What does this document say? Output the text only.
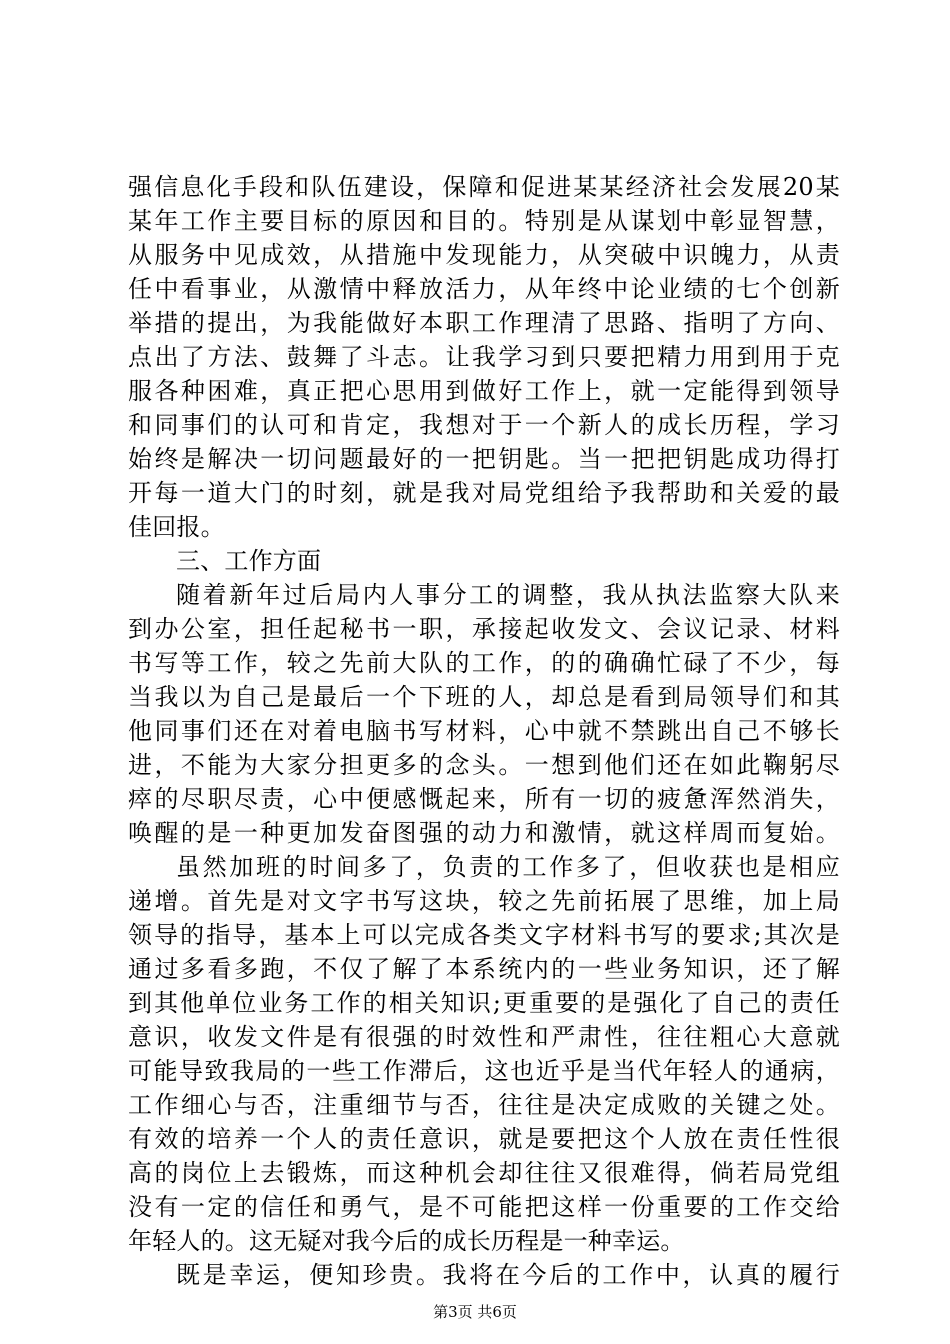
强信息化手段和队伍建设，保障和促进某某经济社会发展20某
某年工作主要目标的原因和目的。特别是从谋划中彰显智慧，
从服务中见成效，从措施中发现能力，从突破中识魄力，从责
任中看事业，从激情中释放活力，从年终中论业绩的七个创新
举措的提出，为我能做好本职工作理清了思路、指明了方向、
点出了方法、鼓舞了斗志。让我学习到只要把精力用到用于克
服各种困难，真正把心思用到做好工作上，就一定能得到领导
和同事们的认可和肯定，我想对于一个新人的成长历程，学习
始终是解决一切问题最好的一把钥匙。当一把把钥匙成功得打
开每一道大门的时刻，就是我对局党组给予我帮助和关爱的最
佳回报。
三、工作方面
随着新年过后局内人事分工的调整，我从执法监察大队来
到办公室，担任起秘书一职，承接起收发文、会议记录、材料
书写等工作，较之先前大队的工作，的的确确忙碌了不少，每
当我以为自己是最后一个下班的人，却总是看到局领导们和其
他同事们还在对着电脑书写材料，心中就不禁跳出自己不够长
进，不能为大家分担更多的念头。一想到他们还在如此鞠躬尽
瘁的尽职尽责，心中便感慨起来，所有一切的疲惫浑然消失，
唤醒的是一种更加发奋图强的动力和激情，就这样周而复始。
虽然加班的时间多了，负责的工作多了，但收获也是相应
递增。首先是对文字书写这块，较之先前拓展了思维，加上局
领导的指导，基本上可以完成各类文字材料书写的要求;其次是
通过多看多跑，不仅了解了本系统内的一些业务知识，还了解
到其他单位业务工作的相关知识;更重要的是强化了自己的责任
意识，收发文件是有很强的时效性和严肃性，往往粗心大意就
可能导致我局的一些工作滞后，这也近乎是当代年轻人的通病，
工作细心与否，注重细节与否，往往是决定成败的关键之处。
有效的培养一个人的责任意识，就是要把这个人放在责任性很
高的岗位上去锻炼，而这种机会却往往又很难得，倘若局党组
没有一定的信任和勇气，是不可能把这样一份重要的工作交给
年轻人的。这无疑对我今后的成长历程是一种幸运。
既是幸运，便知珍贵。我将在今后的工作中，认真的履行
第3页 共6页
